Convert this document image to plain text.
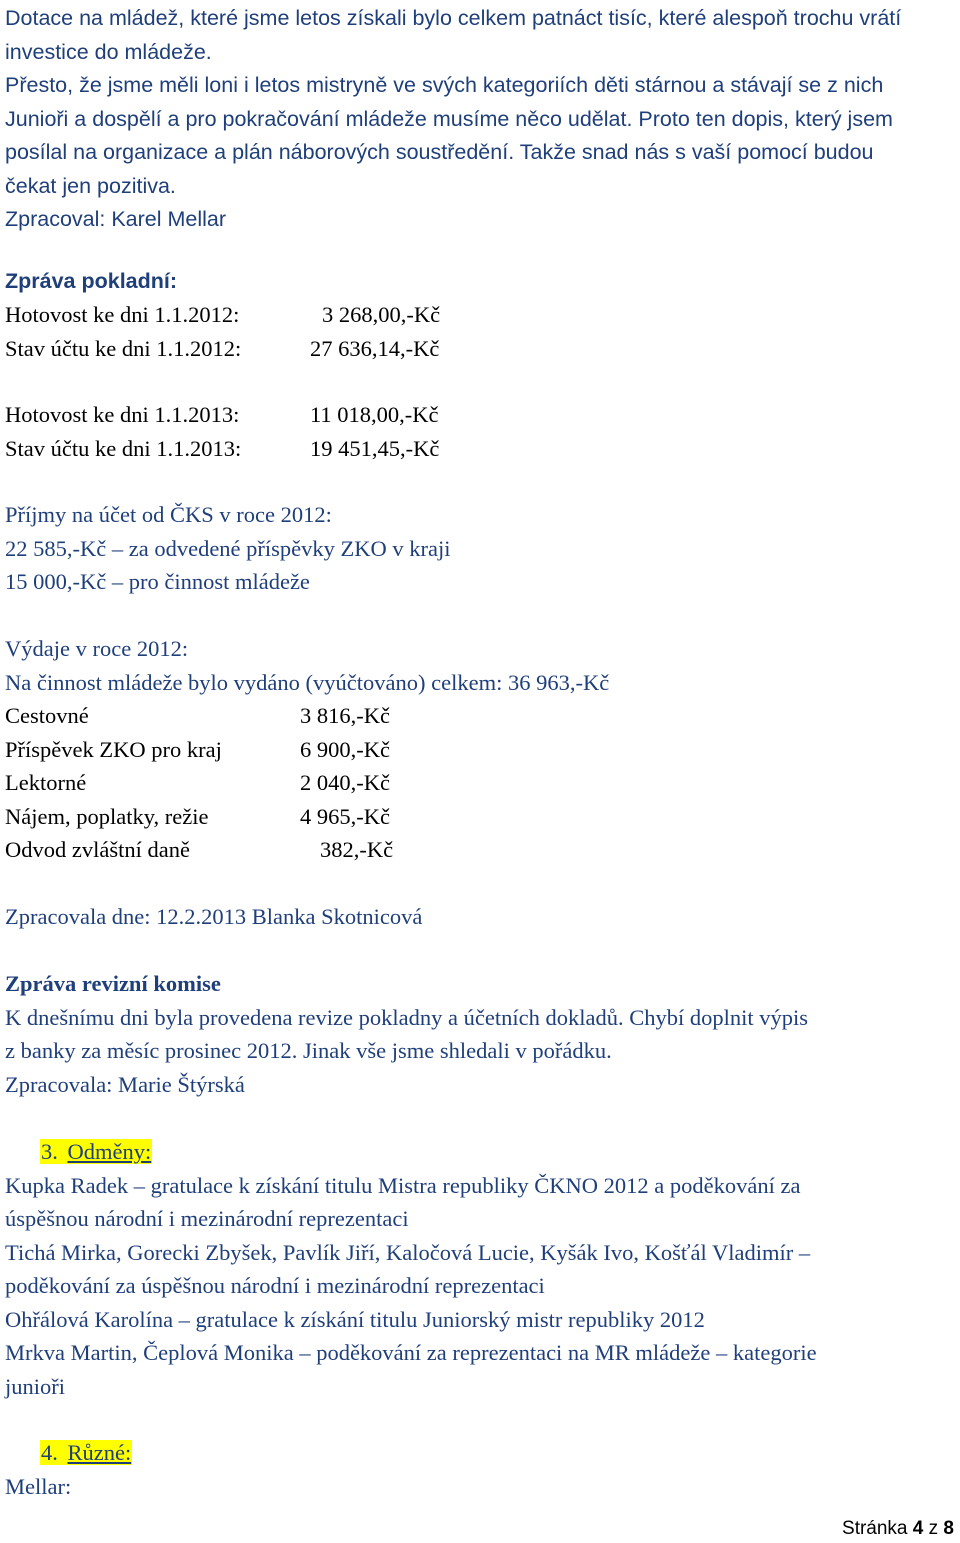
Dotace na mládež, které jsme letos získali bylo celkem patnáct tisíc, které alespoň trochu vrátí

investice do mládeže.

Přesto, že jsme měli loni i letos mistryně ve svých kategoriích děti stárnou a stávají se z nich

Junioři a dospělí a pro pokračování mládeže musíme něco udělat. Proto ten dopis, který jsem

posílal na organizace a plán náborových soustředění. Takže snad nás s vaší pomocí budou

čekat jen pozitiva.

Zpracoval: Karel Mellar

Zpráva pokladní:

Hotovost ke dni 1.1.2012:	3 268,00,-Kč
Stav účtu ke dni 1.1.2012:	27 636,14,-Kč
Hotovost ke dni 1.1.2013:	11 018,00,-Kč
Stav účtu ke dni 1.1.2013:	19 451,45,-Kč

Příjmy na účet od ČKS v roce 2012:

22 585,-Kč – za odvedené příspěvky ZKO v kraji

15 000,-Kč – pro činnost mládeže

Výdaje v roce 2012:

Na činnost mládeže bylo vydáno (vyúčtováno) celkem: 36 963,-Kč

Cestovné	3 816,-Kč
Příspěvek ZKO pro kraj	6 900,-Kč
Lektorné	2 040,-Kč
Nájem, poplatky, režie	4 965,-Kč
Odvod zvláštní daně	382,-Kč

Zpracovala dne: 12.2.2013 Blanka Skotnicová

Zpráva revizní komise

K dnešnímu dni byla provedena revize pokladny a účetních dokladů. Chybí doplnit výpis

z banky za měsíc prosinec 2012. Jinak vše jsme shledali v pořádku.

Zpracovala: Marie Štýrská

3. Odměny:

Kupka Radek – gratulace k získání titulu Mistra republiky ČKNO 2012 a poděkování za

úspěšnou národní i mezinárodní reprezentaci

Tichá Mirka, Gorecki Zbyšek, Pavlík Jiří, Kaločová Lucie, Kyšák Ivo, Košťál Vladimír –

poděkování za úspěšnou národní i mezinárodní reprezentaci

Ohřálová Karolína – gratulace k získání titulu Juniorský mistr republiky 2012

Mrkva Martin, Čeplová Monika – poděkování za reprezentaci na MR mládeže – kategorie

junioři

4. Různé:

Mellar:

Stránka 4 z 8
